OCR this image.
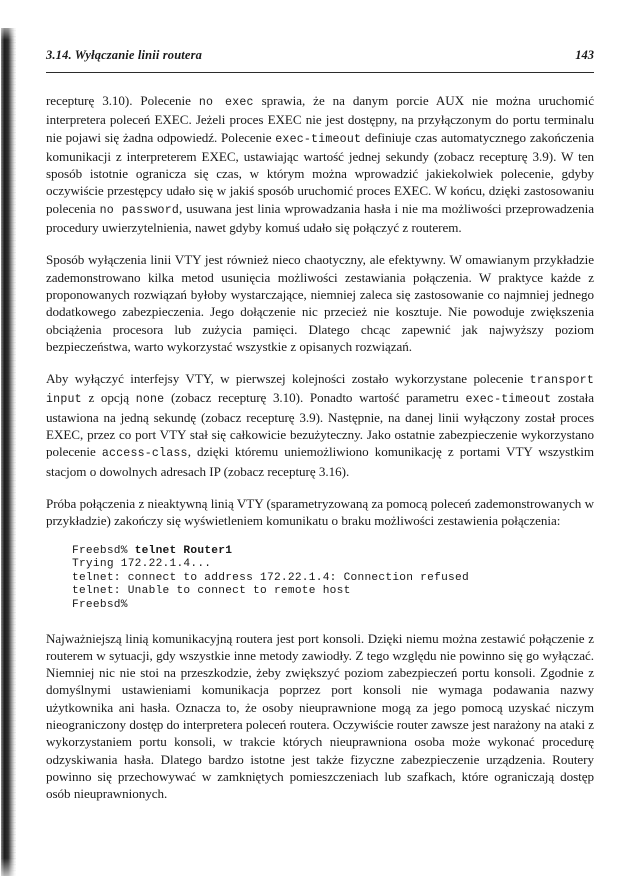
3.14. Wyłączanie linii routera	143

recepturę 3.10). Polecenie no exec sprawia, że na danym porcie AUX nie można uruchomić interpretera poleceń EXEC. Jeżeli proces EXEC nie jest dostępny, na przyłączonym do portu terminalu nie pojawi się żadna odpowiedź. Polecenie exec-timeout definiuje czas automatycznego zakończenia komunikacji z interpreterem EXEC, ustawiając wartość jednej sekundy (zobacz recepturę 3.9). W ten sposób istotnie ogranicza się czas, w którym można wprowadzić jakiekolwiek polecenie, gdyby oczywiście przestępcy udało się w jakiś sposób uruchomić proces EXEC. W końcu, dzięki zastosowaniu polecenia no password, usuwana jest linia wprowadzania hasła i nie ma możliwości przeprowadzenia procedury uwierzytelnienia, nawet gdyby komuś udało się połączyć z routerem.

Sposób wyłączenia linii VTY jest również nieco chaotyczny, ale efektywny. W omawianym przykładzie zademonstrowano kilka metod usunięcia możliwości zestawiania połączenia. W praktyce każde z proponowanych rozwiązań byłoby wystarczające, niemniej zaleca się zastosowanie co najmniej jednego dodatkowego zabezpieczenia. Jego dołączenie nic przecież nie kosztuje. Nie powoduje zwiększenia obciążenia procesora lub zużycia pamięci. Dlatego chcąc zapewnić jak najwyższy poziom bezpieczeństwa, warto wykorzystać wszystkie z opisanych rozwiązań.

Aby wyłączyć interfejsy VTY, w pierwszej kolejności zostało wykorzystane polecenie transport input z opcją none (zobacz recepturę 3.10). Ponadto wartość parametru exec-timeout została ustawiona na jedną sekundę (zobacz recepturę 3.9). Następnie, na danej linii wyłączony został proces EXEC, przez co port VTY stał się całkowicie bezużyteczny. Jako ostatnie zabezpieczenie wykorzystano polecenie access-class, dzięki któremu uniemożliwiono komunikację z portami VTY wszystkim stacjom o dowolnych adresach IP (zobacz recepturę 3.16).

Próba połączenia z nieaktywną linią VTY (sparametryzowaną za pomocą poleceń zademonstrowanych w przykładzie) zakończy się wyświetleniem komunikatu o braku możliwości zestawienia połączenia:

Freebsd% telnet Router1
Trying 172.22.1.4...
telnet: connect to address 172.22.1.4: Connection refused
telnet: Unable to connect to remote host
Freebsd%

Najważniejszą linią komunikacyjną routera jest port konsoli. Dzięki niemu można zestawić połączenie z routerem w sytuacji, gdy wszystkie inne metody zawiodły. Z tego względu nie powinno się go wyłączać. Niemniej nic nie stoi na przeszkodzie, żeby zwiększyć poziom zabezpieczeń portu konsoli. Zgodnie z domyślnymi ustawieniami komunikacja poprzez port konsoli nie wymaga podawania nazwy użytkownika ani hasła. Oznacza to, że osoby nieuprawnione mogą za jego pomocą uzyskać niczym nieograniczony dostęp do interpretera poleceń routera. Oczywiście router zawsze jest narażony na ataki z wykorzystaniem portu konsoli, w trakcie których nieuprawniona osoba może wykonać procedurę odzyskiwania hasła. Dlatego bardzo istotne jest także fizyczne zabezpieczenie urządzenia. Routery powinno się przechowywać w zamkniętych pomieszczeniach lub szafkach, które ograniczają dostęp osób nieuprawnionych.
